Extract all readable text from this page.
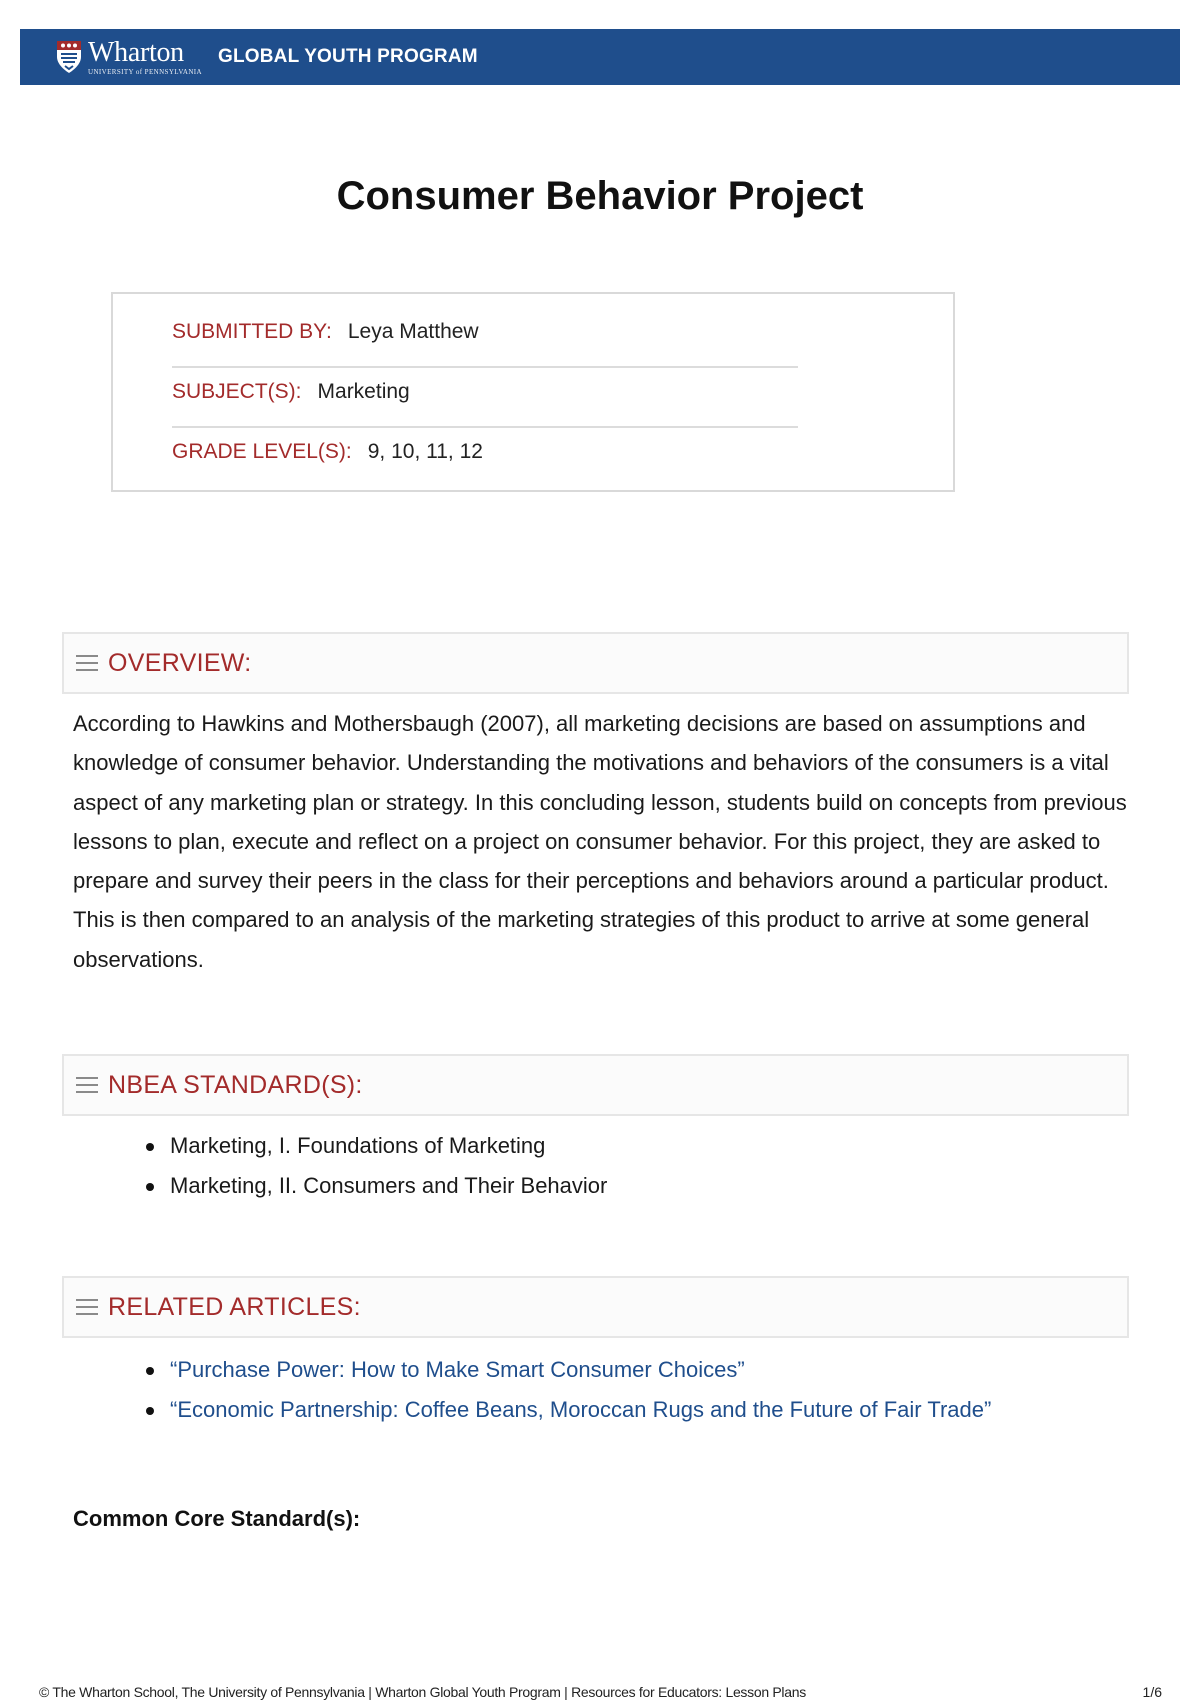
Wharton
UNIVERSITY of PENNSYLVANIA
GLOBAL YOUTH PROGRAM
Consumer Behavior Project
SUBMITTED BY: Leya Matthew
SUBJECT(S): Marketing
GRADE LEVEL(S): 9, 10, 11, 12
OVERVIEW:

According to Hawkins and Mothersbaugh (2007), all marketing decisions are based on assumptions and knowledge of consumer behavior. Understanding the motivations and behaviors of the consumers is a vital aspect of any marketing plan or strategy. In this concluding lesson, students build on concepts from previous lessons to plan, execute and reflect on a project on consumer behavior. For this project, they are asked to prepare and survey their peers in the class for their perceptions and behaviors around a particular product. This is then compared to an analysis of the marketing strategies of this product to arrive at some general observations.

NBEA STANDARD(S):
Marketing, I. Foundations of Marketing
Marketing, II. Consumers and Their Behavior
RELATED ARTICLES:
“Purchase Power: How to Make Smart Consumer Choices”
“Economic Partnership: Coffee Beans, Moroccan Rugs and the Future of Fair Trade”
Common Core Standard(s):
© The Wharton School, The University of Pennsylvania | Wharton Global Youth Program | Resources for Educators: Lesson Plans	1/6
